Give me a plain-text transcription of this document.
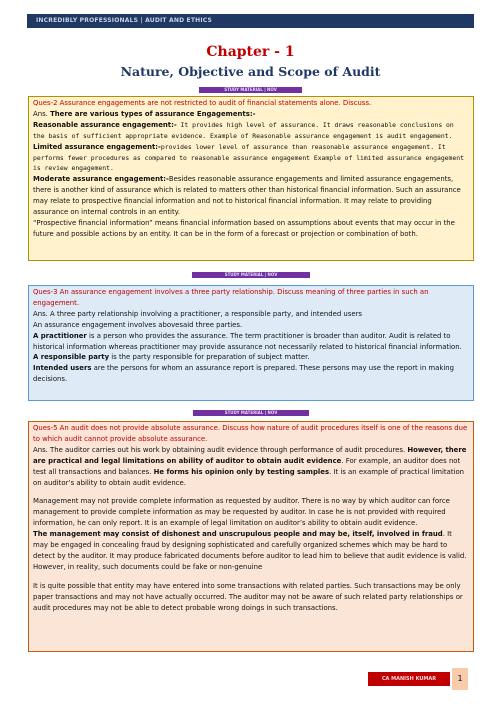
INCREDIBLY PROFESSIONALS | AUDIT AND ETHICS
Chapter - 1
Nature, Objective and Scope of Audit
STUDY MATERIAL | NOV

Ques-2 Assurance engagements are not restricted to audit of financial statements alone. Discuss.

Ans. There are various types of assurance Engagements:-

Reasonable assurance engagement:- It provides high level of assurance. It draws reasonable conclusions on the basis of sufficient appropriate evidence. Example of Reasonable assurance engagement is audit engagement.

Limited assurance engagement:-provides lower level of assurance than reasonable assurance engagement. It performs fewer procedures as compared to reasonable assurance engagement Example of limited assurance engagement is review engagement.

Moderate assurance engagement:-Besides reasonable assurance engagements and limited assurance engagements, there is another kind of assurance which is related to matters other than historical financial information. Such an assurance may relate to prospective financial information and not to historical financial information. It may relate to providing assurance on internal controls in an entity.

“Prospective financial information” means financial information based on assumptions about events that may occur in the future and possible actions by an entity. It can be in the form of a forecast or projection or combination of both.

STUDY MATERIAL | NOV

Ques-3 An assurance engagement involves a three party relationship. Discuss meaning of three parties in such an engagement.

Ans. A three party relationship involving a practitioner, a responsible party, and intended users

An assurance engagement involves abovesaid three parties.

A practitioner is a person who provides the assurance. The term practitioner is broader than auditor. Audit is related to historical information whereas practitioner may provide assurance not necessarily related to historical financial information.

A responsible party is the party responsible for preparation of subject matter.

Intended users are the persons for whom an assurance report is prepared. These persons may use the report in making decisions.

STUDY MATERIAL | NOV

Ques-5 An audit does not provide absolute assurance. Discuss how nature of audit procedures itself is one of the reasons due to which audit cannot provide absolute assurance.

Ans. The auditor carries out his work by obtaining audit evidence through performance of audit procedures. However, there are practical and legal limitations on ability of auditor to obtain audit evidence. For example, an auditor does not test all transactions and balances. He forms his opinion only by testing samples. It is an example of practical limitation on auditor’s ability to obtain audit evidence.

Management may not provide complete information as requested by auditor. There is no way by which auditor can force management to provide complete information as may be requested by auditor. In case he is not provided with required information, he can only report. It is an example of legal limitation on auditor’s ability to obtain audit evidence.

The management may consist of dishonest and unscrupulous people and may be, itself, involved in fraud. It may be engaged in concealing fraud by designing sophisticated and carefully organized schemes which may be hard to detect by the auditor. It may produce fabricated documents before auditor to lead him to believe that audit evidence is valid. However, in reality, such documents could be fake or non-genuine

It is quite possible that entity may have entered into some transactions with related parties. Such transactions may be only paper transactions and may not have actually occurred. The auditor may not be aware of such related party relationships or audit procedures may not be able to detect probable wrong doings in such transactions.

CA MANISH KUMAR	1
